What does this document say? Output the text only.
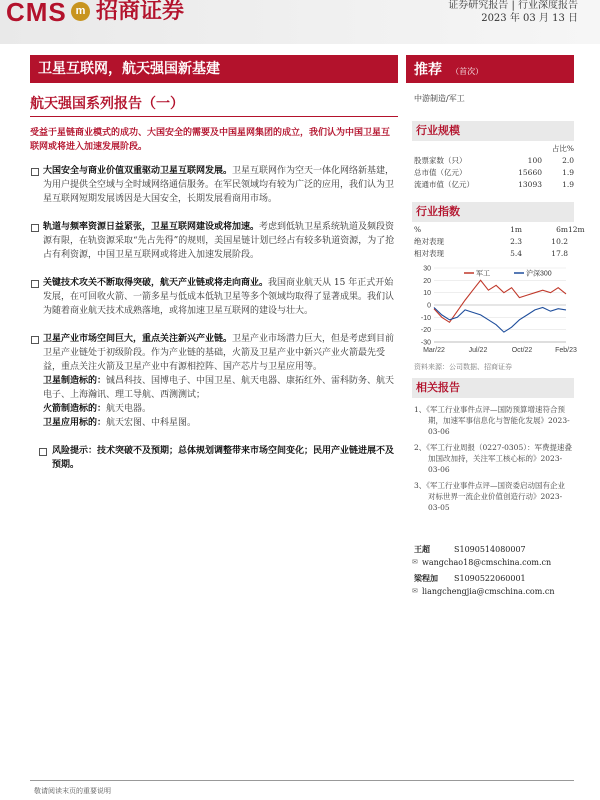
CMS m 招商证券	证券研究报告 | 行业深度报告
2023 年 03 月 13 日
卫星互联网，航天强国新基建	推荐 （首次）
航天强国系列报告（一）
受益于星链商业模式的成功、大国安全的需要及中国星网集团的成立，我们认为中国卫星互联网或将进入加速发展阶段。
大国安全与商业价值双重驱动卫星互联网发展。卫星互联网作为空天一体化网络新基建，为用户提供全空域与全时域网络通信服务。在军民领域均有较为广泛的应用，我们认为卫星互联网短期发展诱因是大国安全，长期发展看商用市场。
轨道与频率资源日益紧张，卫星互联网建设或将加速。考虑到低轨卫星系统轨道及频段资源有限，在轨资源采取“先占先得”的规则，美国星链计划已经占有较多轨道资源，为了抢占有利资源，中国卫星互联网或将进入加速发展阶段。
关键技术攻关不断取得突破，航天产业链或将走向商业。我国商业航天从 15 年正式开始发展，在可回收火箭、一箭多星与低成本低轨卫星等多个领域均取得了显著成果。我们认为随着商业航天技术成熟落地，或将加速卫星互联网的建设与壮大。
卫星产业市场空间巨大，重点关注新兴产业链。卫星产业市场潜力巨大，但是考虑到目前卫星产业链处于初级阶段。作为产业链的基础，火箭及卫星产业中新兴产业火箭最先受益，重点关注火箭及卫星产业中有源相控阵、国产芯片与卫星应用等。

卫星制造标的：铖昌科技、国博电子、中国卫星、航天电器、康拓红外、雷科防务、航天电子、上海瀚讯、理工导航、西测测试；

火箭制造标的：航天电器。

卫星应用标的：航天宏图、中科星图。

风险提示：技术突破不及预期；总体规划调整带来市场空间变化；民用产业链进展不及预期。
中游制造/军工
行业规模
占比%
股票家数（只）	100	2.0
总市值（亿元）	15660	1.9
流通市值（亿元）	13093	1.9
行业指数
%	1m	6m 12m
绝对表现	2.3	10.2
相对表现	5.4	17.8
30
20
10
0
-10
-20
-30
Mar/22	Jul/22	Oct/22	Feb/23
军工	沪深300
资料来源：公司数据、招商证券
相关报告
1、《军工行业事件点评—国防预算增速符合预期，加速军事信息化与智能化发展》2023-03-06
2、《军工行业周报（0227-0305）：军费提速叠加国改加持，关注军工核心标的》2023-03-06
3、《军工行业事件点评—国资委启动国有企业对标世界一流企业价值创造行动》2023-03-05
王超	S1090514080007
✉ wangchao18@cmschina.com.cn
梁程加	S1090522060001
✉ liangchengjia@cmschina.com.cn
敬请阅读末页的重要说明
